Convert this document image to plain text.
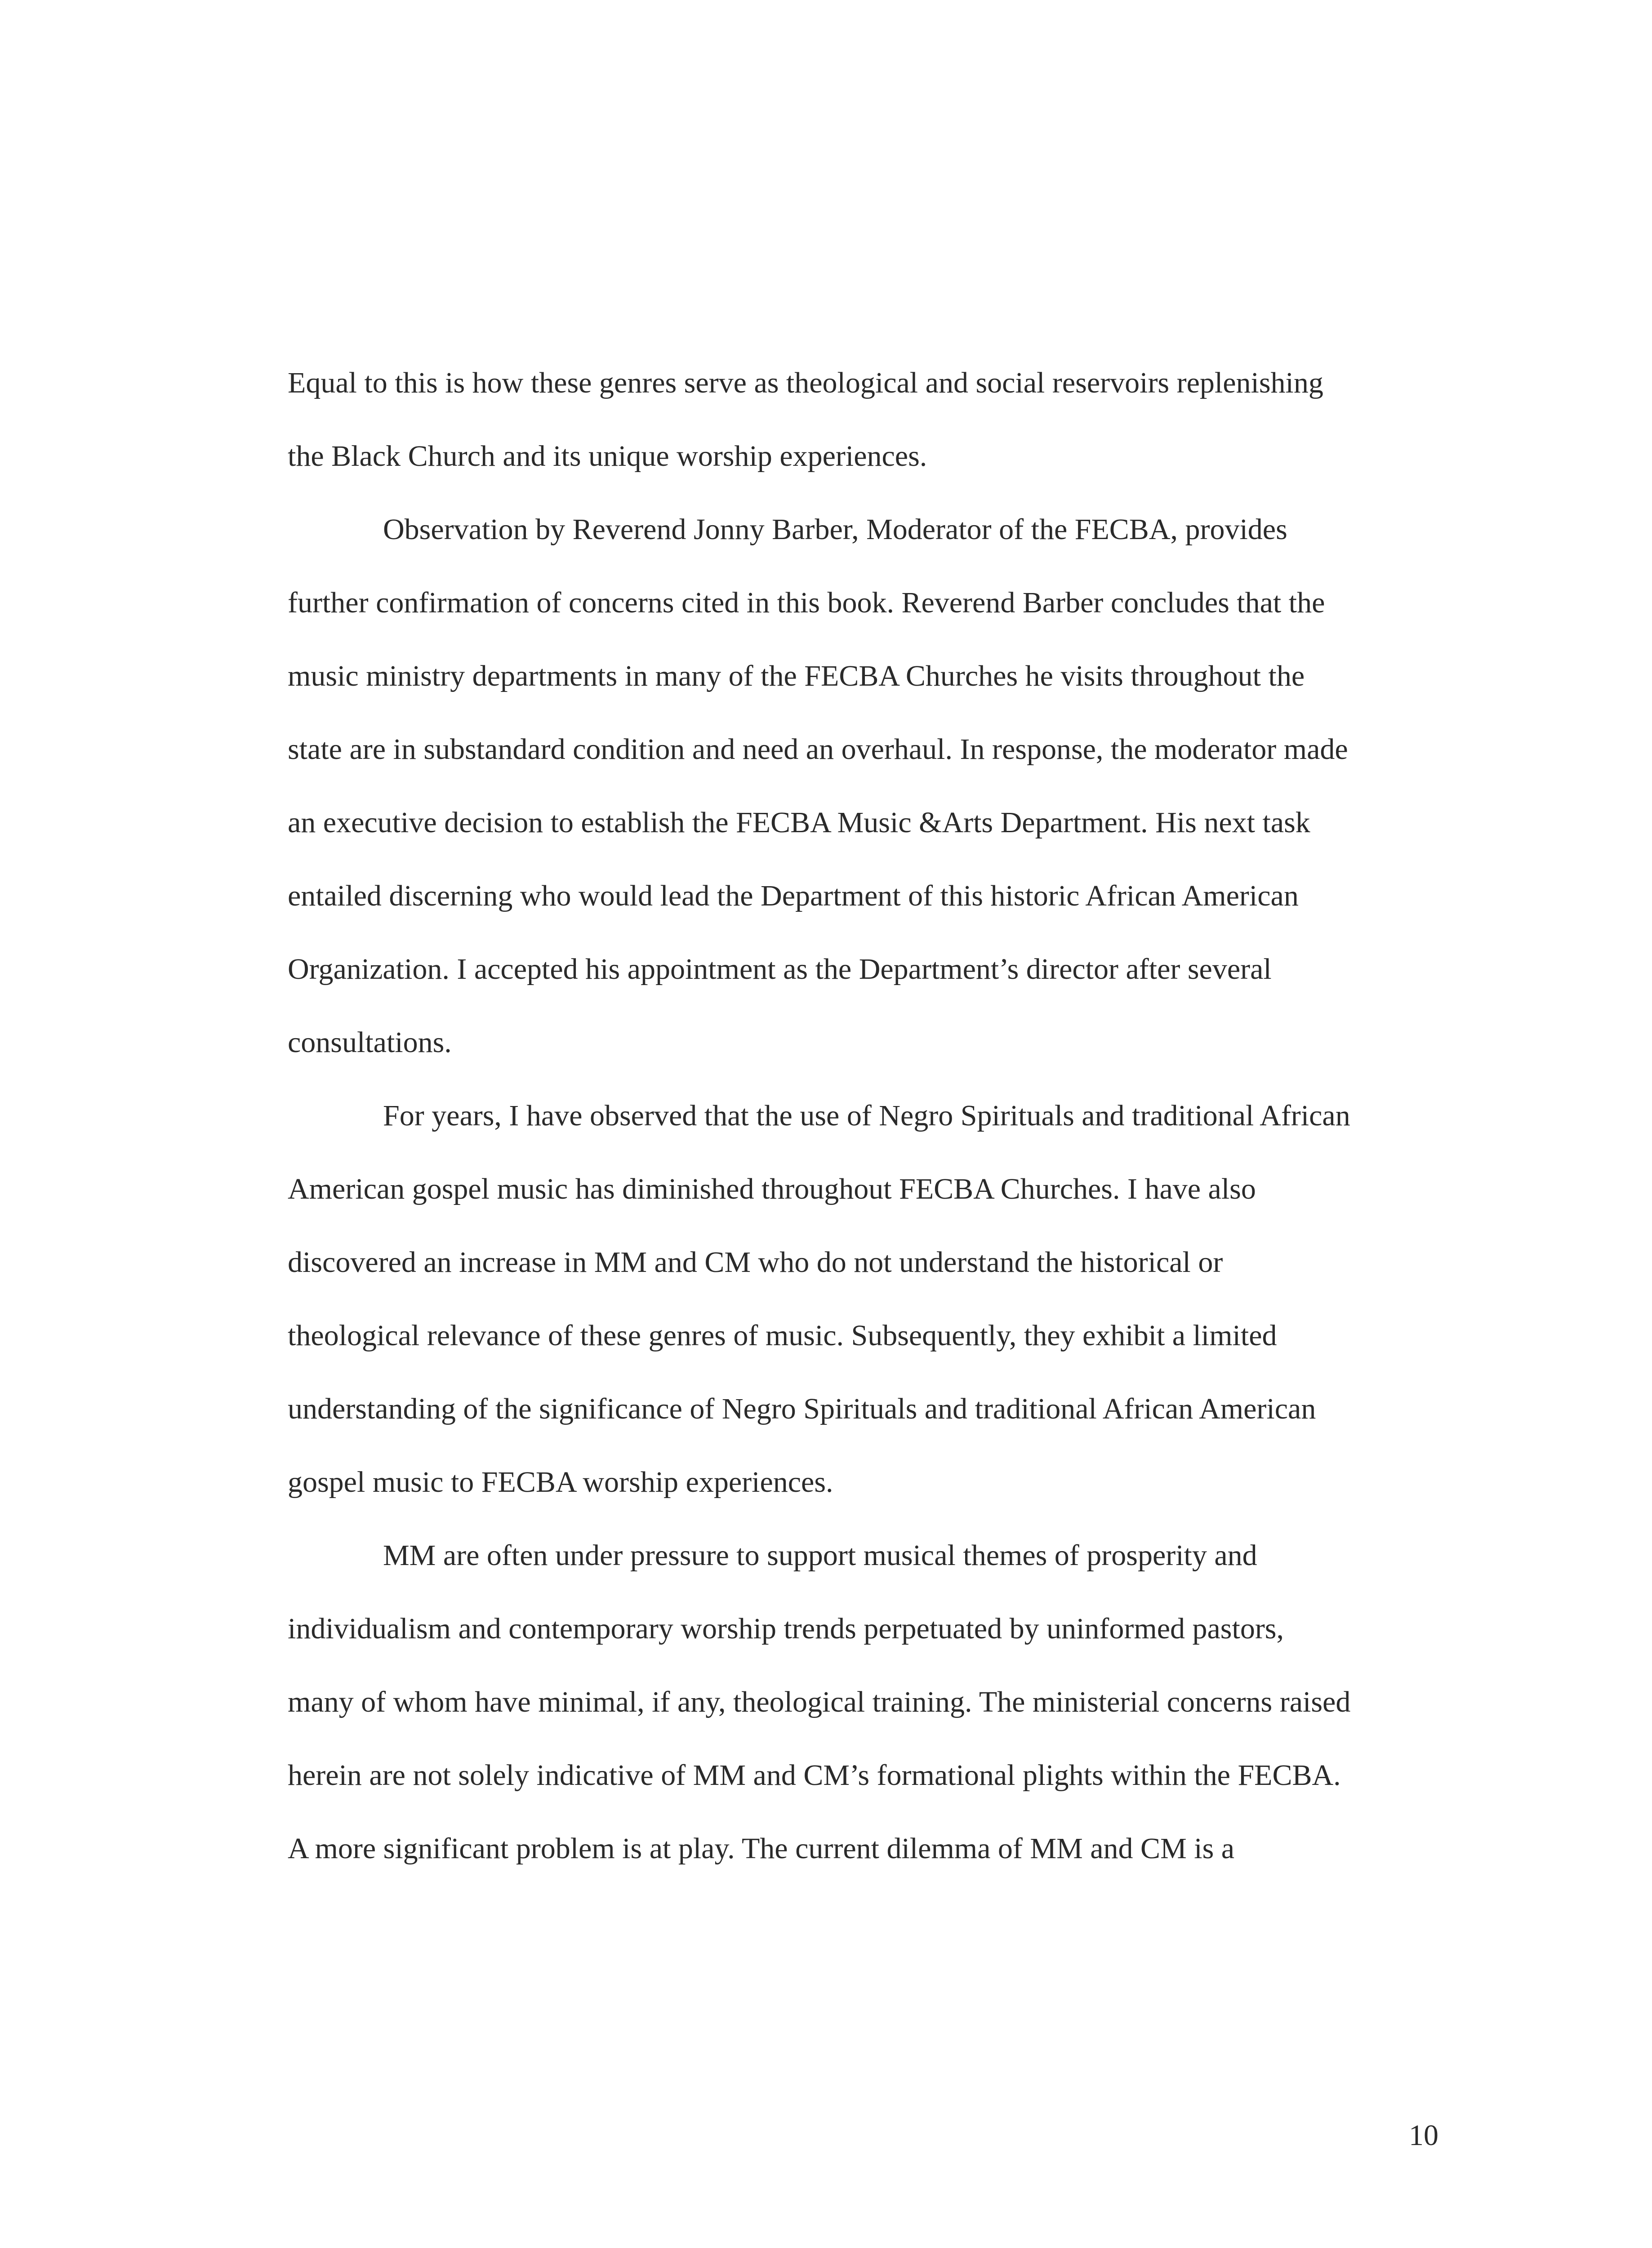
Equal to this is how these genres serve as theological and social reservoirs replenishing
the Black Church and its unique worship experiences.
Observation by Reverend Jonny Barber, Moderator of the FECBA, provides
further confirmation of concerns cited in this book. Reverend Barber concludes that the
music ministry departments in many of the FECBA Churches he visits throughout the
state are in substandard condition and need an overhaul. In response, the moderator made
an executive decision to establish the FECBA Music &Arts Department. His next task
entailed discerning who would lead the Department of this historic African American
Organization. I accepted his appointment as the Department’s director after several
consultations.
For years, I have observed that the use of Negro Spirituals and traditional African
American gospel music has diminished throughout FECBA Churches. I have also
discovered an increase in MM and CM who do not understand the historical or
theological relevance of these genres of music. Subsequently, they exhibit a limited
understanding of the significance of Negro Spirituals and traditional African American
gospel music to FECBA worship experiences.
MM are often under pressure to support musical themes of prosperity and
individualism and contemporary worship trends perpetuated by uninformed pastors,
many of whom have minimal, if any, theological training. The ministerial concerns raised
herein are not solely indicative of MM and CM’s formational plights within the FECBA.
A more significant problem is at play. The current dilemma of MM and CM is a
10
